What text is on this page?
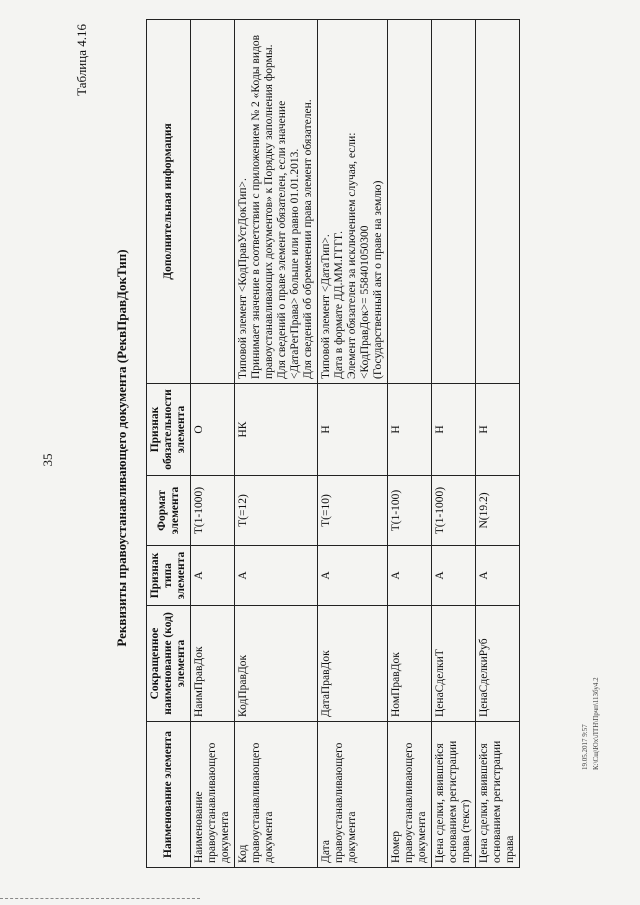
35
Таблица 4.16
Реквизиты правоустанавливающего документа (РеквПравДокТип)
Наименование элемента	Сокращенное наименование (код) элемента	Признак типа элемента	Формат элемента	Признак обязательности элемента	Дополнительная информация
Наименование правоустанавливающего документа	НаимПравДок	А	T(1-1000)	О	
Код правоустанавливающего документа	КодПравДок	А	T(=12)	НК	Типовой элемент <КодПравУстДокТип>.
Принимает значение в соответствии с приложением № 2 «Коды видов правоустанавливающих документов» к Порядку заполнения формы.
Для сведений о праве элемент обязателен, если значение <ДатаРегПрава> больше или равно 01.01.2013.
Для сведений об обременении права элемент обязателен.
Дата правоустанавливающего документа	ДатаПравДок	А	T(=10)	Н	Типовой элемент <ДатаТип>.
Дата в формате ДД.ММ.ГГГГ.
Элемент обязателен за исключением случая, если:
<КодПравДок>= 558401050300
(Государственный акт о праве на землю)
Номер правоустанавливающего документа	НомПравДок	А	T(1-100)	Н	
Цена сделки, явившейся основанием регистрации права (текст)	ЦенаСделкиТ	А	T(1-1000)	Н	
Цена сделки, явившейся основанием регистрации права	ЦенаСделкиРуб	А	N(19.2)	Н	
19.05.2017 9:57 К:\Сщ\Юх\ЛТН\Прчп\113бу4.2
